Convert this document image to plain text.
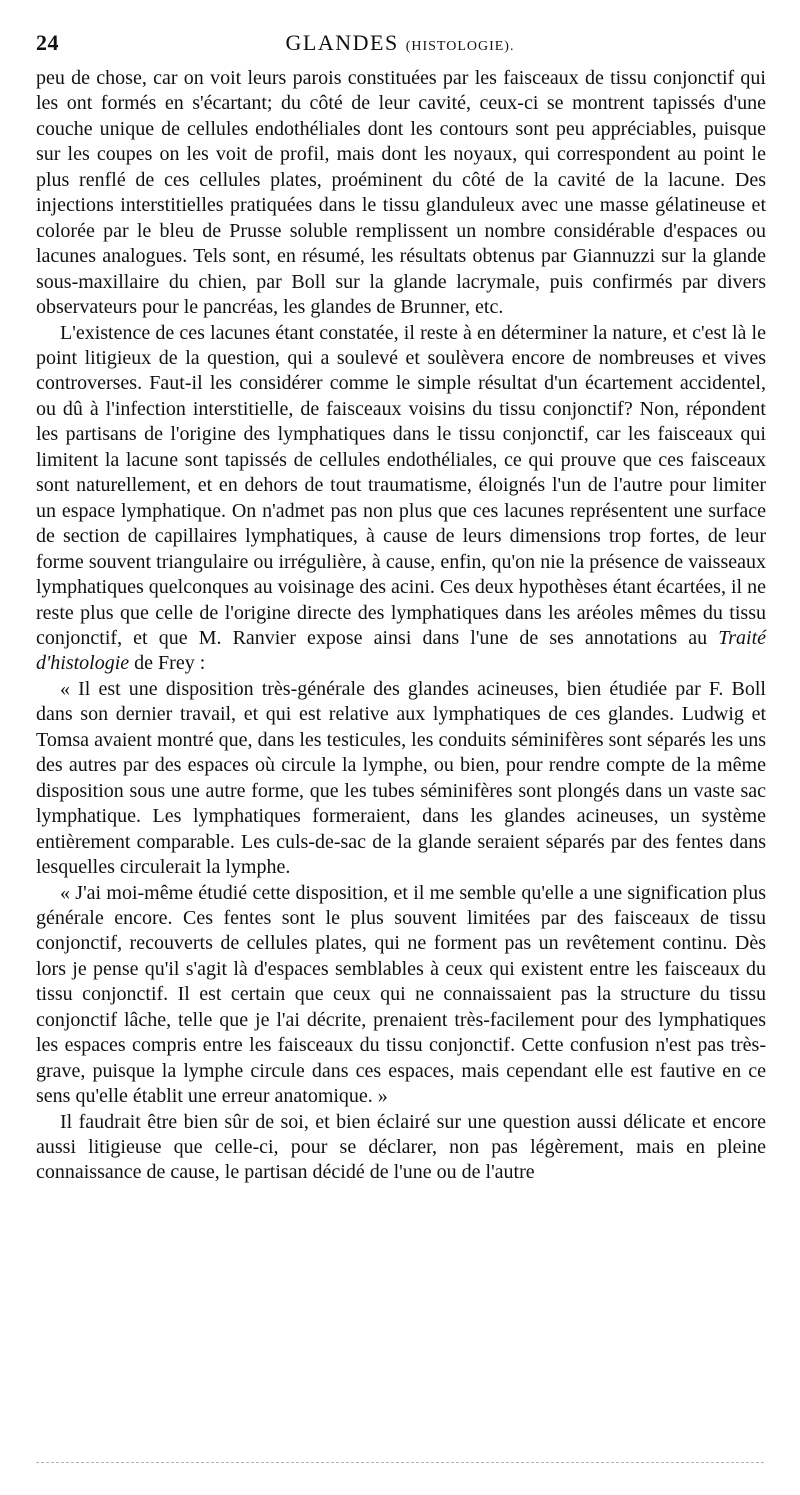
24	GLANDES (HISTOLOGIE).

peu de chose, car on voit leurs parois constituées par les faisceaux de tissu conjonctif qui les ont formés en s'écartant; du côté de leur cavité, ceux-ci se montrent tapissés d'une couche unique de cellules endothéliales dont les contours sont peu appréciables, puisque sur les coupes on les voit de profil, mais dont les noyaux, qui correspondent au point le plus renflé de ces cellules plates, proéminent du côté de la cavité de la lacune. Des injections interstitielles pratiquées dans le tissu glanduleux avec une masse gélatineuse et colorée par le bleu de Prusse soluble remplissent un nombre considérable d'espaces ou lacunes analogues. Tels sont, en résumé, les résultats obtenus par Giannuzzi sur la glande sous-maxillaire du chien, par Boll sur la glande lacrymale, puis confirmés par divers observateurs pour le pancréas, les glandes de Brunner, etc.

L'existence de ces lacunes étant constatée, il reste à en déterminer la nature, et c'est là le point litigieux de la question, qui a soulevé et soulèvera encore de nombreuses et vives controverses. Faut-il les considérer comme le simple résultat d'un écartement accidentel, ou dû à l'infection interstitielle, de faisceaux voisins du tissu conjonctif? Non, répondent les partisans de l'origine des lymphatiques dans le tissu conjonctif, car les faisceaux qui limitent la lacune sont tapissés de cellules endothéliales, ce qui prouve que ces faisceaux sont naturellement, et en dehors de tout traumatisme, éloignés l'un de l'autre pour limiter un espace lymphatique. On n'admet pas non plus que ces lacunes représentent une surface de section de capillaires lymphatiques, à cause de leurs dimensions trop fortes, de leur forme souvent triangulaire ou irrégulière, à cause, enfin, qu'on nie la présence de vaisseaux lymphatiques quelconques au voisinage des acini. Ces deux hypothèses étant écartées, il ne reste plus que celle de l'origine directe des lymphatiques dans les aréoles mêmes du tissu conjonctif, et que M. Ranvier expose ainsi dans l'une de ses annotations au Traité d'histologie de Frey :

« Il est une disposition très-générale des glandes acineuses, bien étudiée par F. Boll dans son dernier travail, et qui est relative aux lymphatiques de ces glandes. Ludwig et Tomsa avaient montré que, dans les testicules, les conduits séminifères sont séparés les uns des autres par des espaces où circule la lymphe, ou bien, pour rendre compte de la même disposition sous une autre forme, que les tubes séminifères sont plongés dans un vaste sac lymphatique. Les lymphatiques formeraient, dans les glandes acineuses, un système entièrement comparable. Les culs-de-sac de la glande seraient séparés par des fentes dans lesquelles circulerait la lymphe.

« J'ai moi-même étudié cette disposition, et il me semble qu'elle a une signification plus générale encore. Ces fentes sont le plus souvent limitées par des faisceaux de tissu conjonctif, recouverts de cellules plates, qui ne forment pas un revêtement continu. Dès lors je pense qu'il s'agit là d'espaces semblables à ceux qui existent entre les faisceaux du tissu conjonctif. Il est certain que ceux qui ne connaissaient pas la structure du tissu conjonctif lâche, telle que je l'ai décrite, prenaient très-facilement pour des lymphatiques les espaces compris entre les faisceaux du tissu conjonctif. Cette confusion n'est pas très-grave, puisque la lymphe circule dans ces espaces, mais cependant elle est fautive en ce sens qu'elle établit une erreur anatomique. »

Il faudrait être bien sûr de soi, et bien éclairé sur une question aussi délicate et encore aussi litigieuse que celle-ci, pour se déclarer, non pas légèrement, mais en pleine connaissance de cause, le partisan décidé de l'une ou de l'autre
